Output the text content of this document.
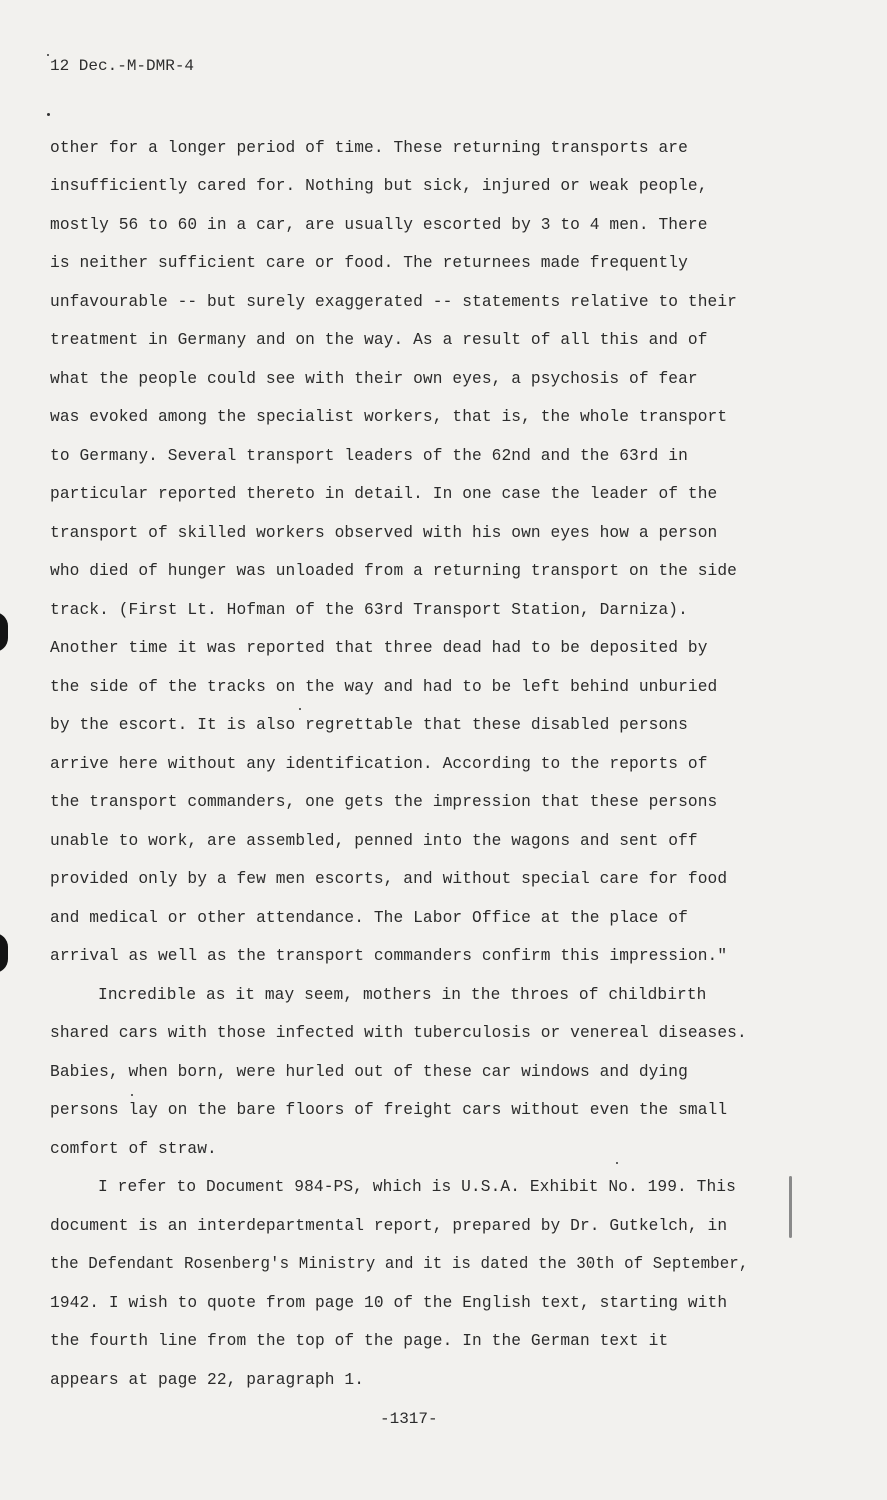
12 Dec.-M-DMR-4
other for a longer period of time. These returning transports are
insufficiently cared for. Nothing but sick, injured or weak people,
mostly 56 to 60 in a car, are usually escorted by 3 to 4 men. There
is neither sufficient care or food. The returnees made frequently
unfavourable -- but surely exaggerated -- statements relative to their
treatment in Germany and on the way. As a result of all this and of
what the people could see with their own eyes, a psychosis of fear
was evoked among the specialist workers, that is, the whole transport
to Germany. Several transport leaders of the 62nd and the 63rd in
particular reported thereto in detail. In one case the leader of the
transport of skilled workers observed with his own eyes how a person
who died of hunger was unloaded from a returning transport on the side
track. (First Lt. Hofman of the 63rd Transport Station, Darniza).
Another time it was reported that three dead had to be deposited by
the side of the tracks on the way and had to be left behind unburied
by the escort. It is also regrettable that these disabled persons
arrive here without any identification. According to the reports of
the transport commanders, one gets the impression that these persons
unable to work, are assembled, penned into the wagons and sent off
provided only by a few men escorts, and without special care for food
and medical or other attendance. The Labor Office at the place of
arrival as well as the transport commanders confirm this impression."
Incredible as it may seem, mothers in the throes of childbirth
shared cars with those infected with tuberculosis or venereal diseases.
Babies, when born, were hurled out of these car windows and dying
persons lay on the bare floors of freight cars without even the small
comfort of straw.
I refer to Document 984-PS, which is U.S.A. Exhibit No. 199. This
document is an interdepartmental report, prepared by Dr. Gutkelch, in
the Defendant Rosenberg's Ministry and it is dated the 30th of September,
1942. I wish to quote from page 10 of the English text, starting with
the fourth line from the top of the page. In the German text it
appears at page 22, paragraph 1.
-1317-
